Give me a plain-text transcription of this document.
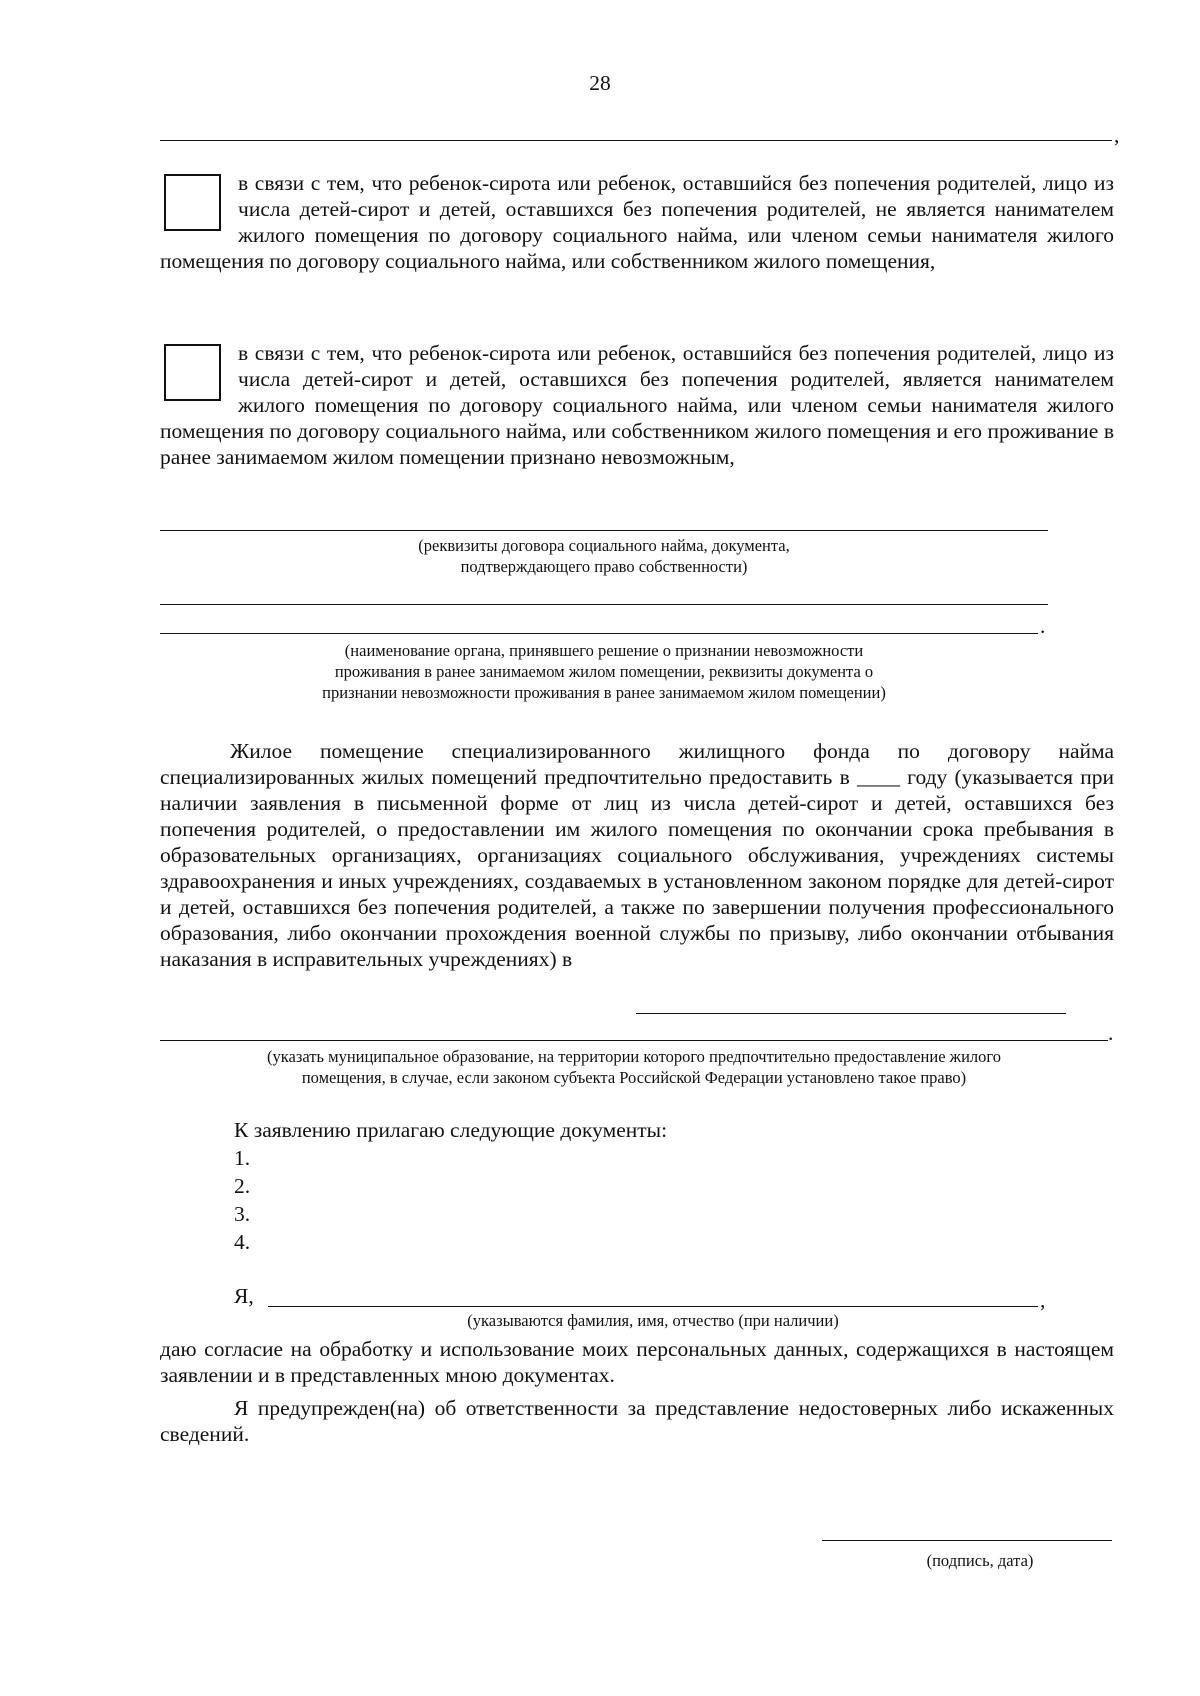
28
,
в связи с тем, что ребенок-сирота или ребенок, оставшийся без попечения родителей, лицо из числа детей-сирот и детей, оставшихся без попечения родителей, не является нанимателем жилого помещения по договору социального найма, или членом семьи нанимателя жилого помещения по договору социального найма, или собственником жилого помещения,
в связи с тем, что ребенок-сирота или ребенок, оставшийся без попечения родителей, лицо из числа детей-сирот и детей, оставшихся без попечения родителей, является нанимателем жилого помещения по договору социального найма, или членом семьи нанимателя жилого помещения по договору социального найма, или собственником жилого помещения и его проживание в ранее занимаемом жилом помещении признано невозможным,
(реквизиты договора социального найма, документа,
подтверждающего право собственности)
.
(наименование органа, принявшего решение о признании невозможности
проживания в ранее занимаемом жилом помещении, реквизиты документа о
признании невозможности проживания в ранее занимаемом жилом помещении)
Жилое помещение специализированного жилищного фонда по договору найма специализированных жилых помещений предпочтительно предоставить в ____ году (указывается при наличии заявления в письменной форме от лиц из числа детей-сирот и детей, оставшихся без попечения родителей, о предоставлении им жилого помещения по окончании срока пребывания в образовательных организациях, организациях социального обслуживания, учреждениях системы здравоохранения и иных учреждениях, создаваемых в установленном законом порядке для детей-сирот и детей, оставшихся без попечения родителей, а также по завершении получения профессионального образования, либо окончании прохождения военной службы по призыву, либо окончании отбывания наказания в исправительных учреждениях) в
.
(указать муниципальное образование, на территории которого предпочтительно предоставление жилого
помещения, в случае, если законом субъекта Российской Федерации установлено такое право)
К заявлению прилагаю следующие документы:
1.
2.
3.
4.
Я,	,
(указываются фамилия, имя, отчество (при наличии)
даю согласие на обработку и использование моих персональных данных, содержащихся в настоящем заявлении и в представленных мною документах.
Я предупрежден(на) об ответственности за представление недостоверных либо искаженных сведений.
(подпись, дата)
